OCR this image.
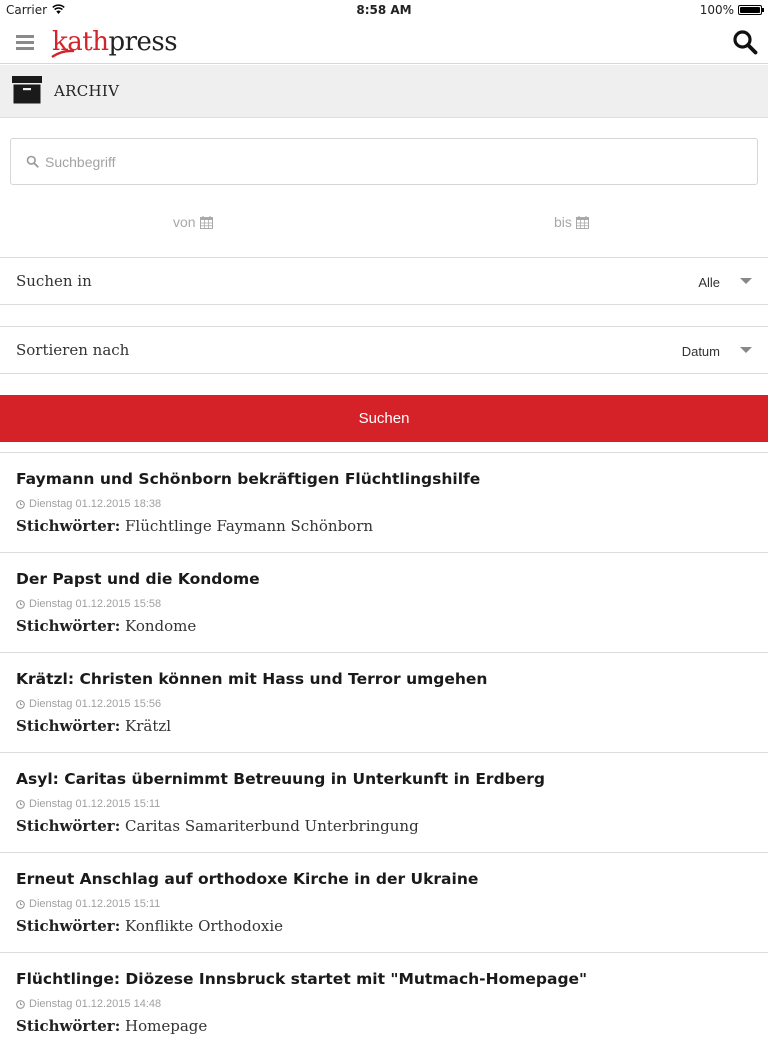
Carrier	8:58 AM	100%
kathpress
ARCHIV
Suchbegriff
von	bis
Suchen in	Alle
Sortieren nach	Datum
Suchen
Faymann und Schönborn bekräftigen Flüchtlingshilfe
Dienstag 01.12.2015 18:38
Stichwörter: Flüchtlinge Faymann Schönborn
Der Papst und die Kondome
Dienstag 01.12.2015 15:58
Stichwörter: Kondome
Krätzl: Christen können mit Hass und Terror umgehen
Dienstag 01.12.2015 15:56
Stichwörter: Krätzl
Asyl: Caritas übernimmt Betreuung in Unterkunft in Erdberg
Dienstag 01.12.2015 15:11
Stichwörter: Caritas Samariterbund Unterbringung
Erneut Anschlag auf orthodoxe Kirche in der Ukraine
Dienstag 01.12.2015 15:11
Stichwörter: Konflikte Orthodoxie
Flüchtlinge: Diözese Innsbruck startet mit "Mutmach-Homepage"
Dienstag 01.12.2015 14:48
Stichwörter: Homepage
